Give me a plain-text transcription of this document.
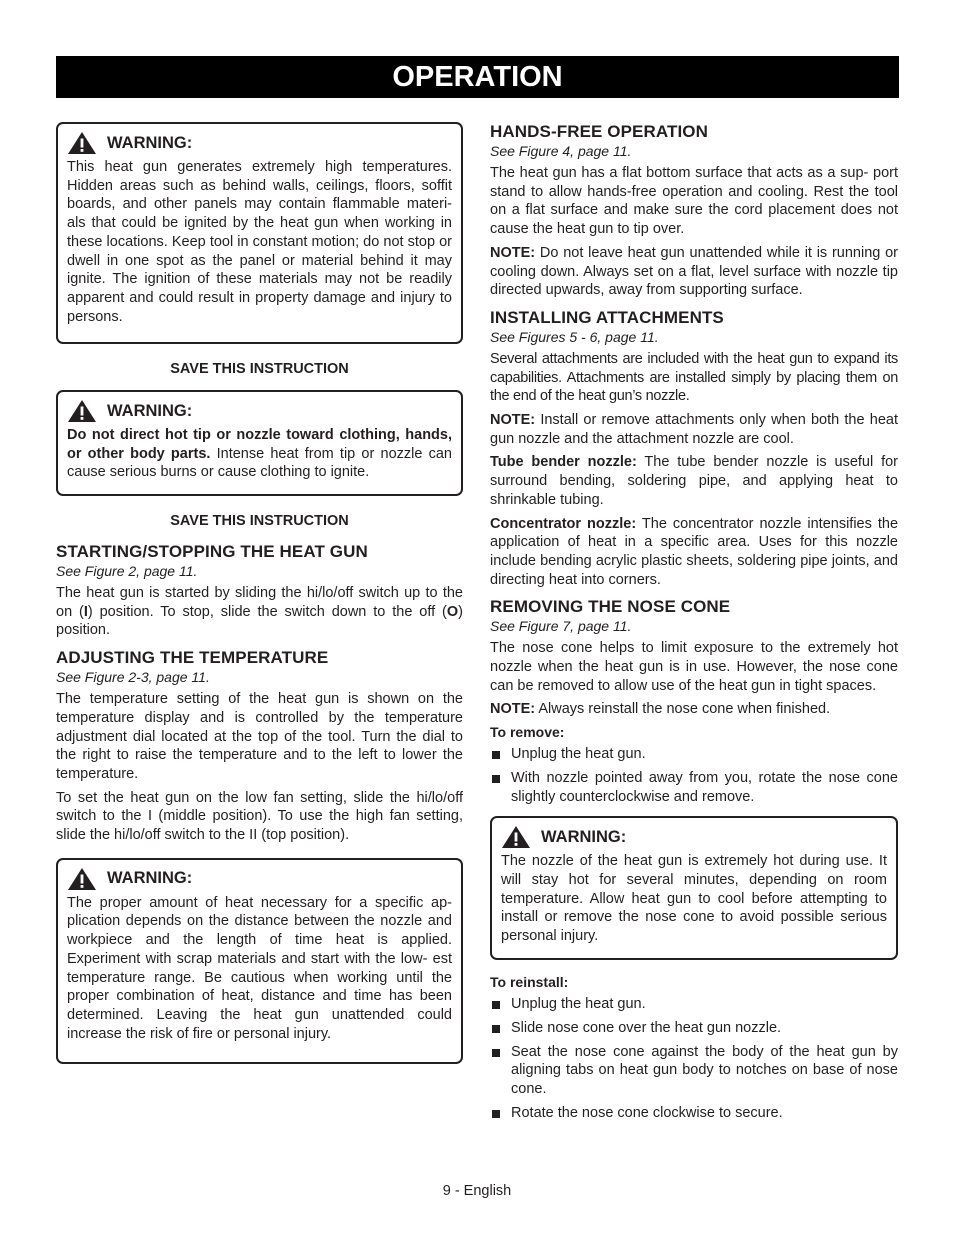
OPERATION
WARNING:

This heat gun generates extremely high temperatures. Hidden areas such as behind walls, ceilings, floors, soffit boards, and other panels may contain flammable materi- als that could be ignited by the heat gun when working in these locations. Keep tool in constant motion; do not stop or dwell in one spot as the panel or material behind it may ignite. The ignition of these materials may not be readily apparent and could result in property damage and injury to persons.

SAVE THIS INSTRUCTION
WARNING:

Do not direct hot tip or nozzle toward clothing, hands, or other body parts. Intense heat from tip or nozzle can cause serious burns or cause clothing to ignite.

SAVE THIS INSTRUCTION
STARTING/STOPPING THE HEAT GUN
See Figure 2, page 11.

The heat gun is started by sliding the hi/lo/off switch up to the on (I) position. To stop, slide the switch down to the off (O) position.

ADJUSTING THE TEMPERATURE
See Figure 2-3, page 11.

The temperature setting of the heat gun is shown on the temperature display and is controlled by the temperature adjustment dial located at the top of the tool. Turn the dial to the right to raise the temperature and to the left to lower the temperature.

To set the heat gun on the low fan setting, slide the hi/lo/off switch to the I (middle position). To use the high fan setting, slide the hi/lo/off switch to the II (top position).

WARNING:

The proper amount of heat necessary for a specific ap- plication depends on the distance between the nozzle and workpiece and the length of time heat is applied. Experiment with scrap materials and start with the low- est temperature range. Be cautious when working until the proper combination of heat, distance and time has been determined. Leaving the heat gun unattended could increase the risk of fire or personal injury.

HANDS-FREE OPERATION
See Figure 4, page 11.

The heat gun has a flat bottom surface that acts as a sup- port stand to allow hands-free operation and cooling. Rest the tool on a flat surface and make sure the cord placement does not cause the heat gun to tip over.

NOTE: Do not leave heat gun unattended while it is running or cooling down. Always set on a flat, level surface with nozzle tip directed upwards, away from supporting surface.

INSTALLING ATTACHMENTS
See Figures 5 - 6, page 11.

Several attachments are included with the heat gun to expand its capabilities. Attachments are installed simply by placing them on the end of the heat gun’s nozzle.

NOTE: Install or remove attachments only when both the heat gun nozzle and the attachment nozzle are cool.

Tube bender nozzle: The tube bender nozzle is useful for surround bending, soldering pipe, and applying heat to shrinkable tubing.

Concentrator nozzle: The concentrator nozzle intensifies the application of heat in a specific area. Uses for this nozzle include bending acrylic plastic sheets, soldering pipe joints, and directing heat into corners.

REMOVING THE NOSE CONE
See Figure 7, page 11.

The nose cone helps to limit exposure to the extremely hot nozzle when the heat gun is in use. However, the nose cone can be removed to allow use of the heat gun in tight spaces.

NOTE: Always reinstall the nose cone when finished.

To remove:
Unplug the heat gun.
With nozzle pointed away from you, rotate the nose cone slightly counterclockwise and remove.
WARNING:

The nozzle of the heat gun is extremely hot during use. It will stay hot for several minutes, depending on room temperature. Allow heat gun to cool before attempting to install or remove the nose cone to avoid possible serious personal injury.

To reinstall:
Unplug the heat gun.
Slide nose cone over the heat gun nozzle.
Seat the nose cone against the body of the heat gun by aligning tabs on heat gun body to notches on base of nose cone.
Rotate the nose cone clockwise to secure.
9 - English
